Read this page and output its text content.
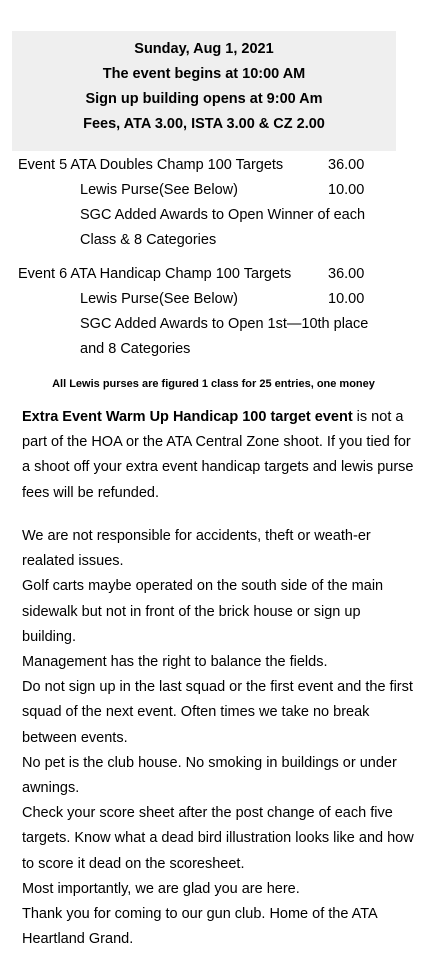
Sunday, Aug 1, 2021
The event begins at 10:00 AM
Sign up building opens at 9:00 Am
Fees, ATA 3.00, ISTA 3.00 & CZ 2.00
Event 5 ATA Doubles Champ 100 Targets	36.00
Lewis Purse(See Below)	10.00
SGC Added Awards to Open Winner of each
Class & 8 Categories
Event 6 ATA Handicap Champ 100 Targets	36.00
Lewis Purse(See Below)	10.00
SGC Added Awards to Open 1st—10th place
and 8 Categories
All Lewis purses are figured 1 class for 25 entries, one money
Extra Event Warm Up Handicap 100 target event is not a part of the HOA or the ATA Central Zone shoot. If you tied for a shoot off your extra event handicap targets and lewis purse fees will be refunded.
We are not responsible for accidents, theft or weath-er realated issues.
Golf carts maybe operated on the south side of the main sidewalk but not in front of the brick house or sign up building.
Management has the right to balance the fields.
Do not sign up in the last squad or the first event and the first squad of the next event. Often times we take no break between events.
No pet is the club house. No smoking in buildings or under awnings.
Check your score sheet after the post change of each five targets. Know what a dead bird illustration looks like and how to score it dead on the scoresheet.
Most importantly, we are glad you are here.
Thank you for coming to our gun club. Home of the ATA Heartland Grand.
